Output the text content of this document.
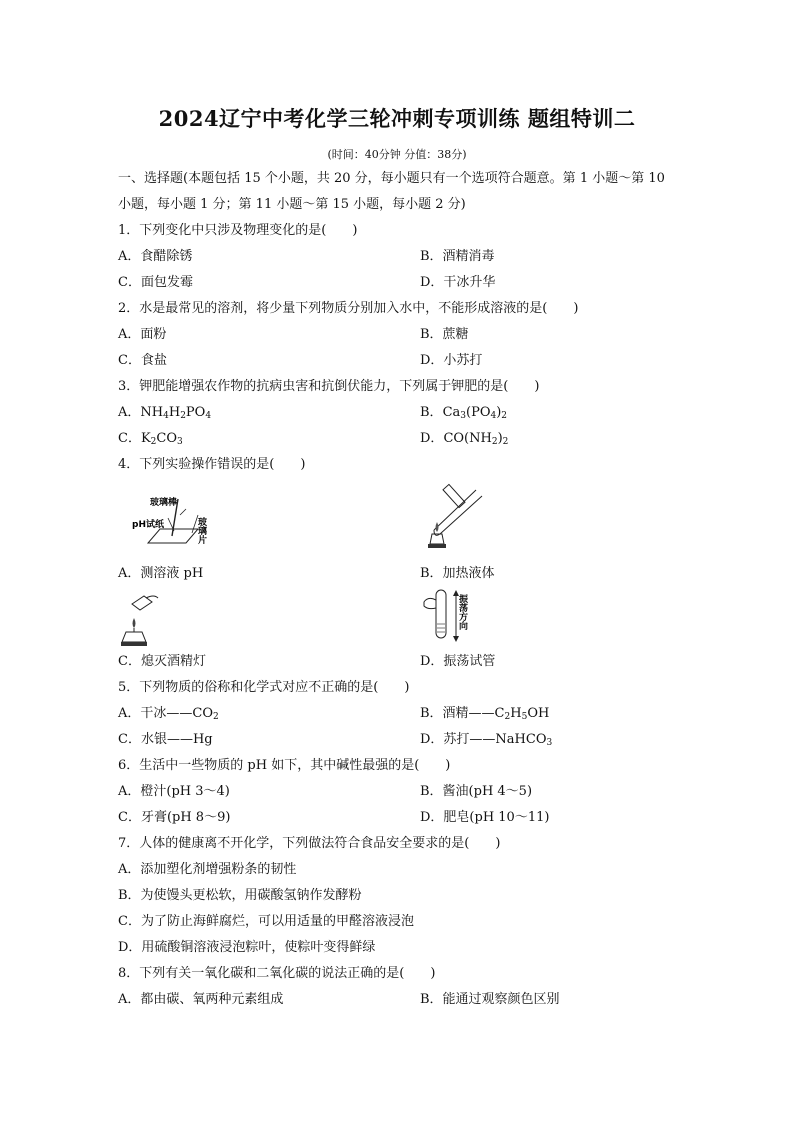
2024辽宁中考化学三轮冲刺专项训练 题组特训二
(时间：40分钟 分值：38分)
一、选择题(本题包括 15 个小题，共 20 分，每小题只有一个选项符合题意。第 1 小题～第 10
小题，每小题 1 分；第 11 小题～第 15 小题，每小题 2 分)
1．下列变化中只涉及物理变化的是(　　)
A．食醋除锈	B．酒精消毒
C．面包发霉	D．干冰升华
2．水是最常见的溶剂，将少量下列物质分别加入水中，不能形成溶液的是(　　)
A．面粉	B．蔗糖
C．食盐	D．小苏打
3．钾肥能增强农作物的抗病虫害和抗倒伏能力，下列属于钾肥的是(　　)
A．$NH_4H_2PO_4$	B．$Ca_3(PO_4)_2$
C．$K_2CO_3$	D．$CO(NH_2)_2$
4．下列实验操作错误的是(　　)
玻璃棒
pH试纸	玻璃片
A．测溶液 pH	B．加热液体
振荡方向
C．熄灭酒精灯	D．振荡试管
5．下列物质的俗称和化学式对应不正确的是(　　)
A．干冰$——CO_2$	B．酒精$——C_2H_5OH$
C．水银——Hg	D．苏打——NaHCO$_3$
6．生活中一些物质的 pH 如下，其中碱性最强的是(　　)
A．橙汁(pH 3～4)	B．酱油(pH 4～5)
C．牙膏(pH 8～9)	D．肥皂(pH 10～11)
7．人体的健康离不开化学，下列做法符合食品安全要求的是(　　)
A．添加塑化剂增强粉条的韧性
B．为使馒头更松软，用碳酸氢钠作发酵粉
C．为了防止海鲜腐烂，可以用适量的甲醛溶液浸泡
D．用硫酸铜溶液浸泡粽叶，使粽叶变得鲜绿
8．下列有关一氧化碳和二氧化碳的说法正确的是(　　)
A．都由碳、氧两种元素组成	B．能通过观察颜色区别
